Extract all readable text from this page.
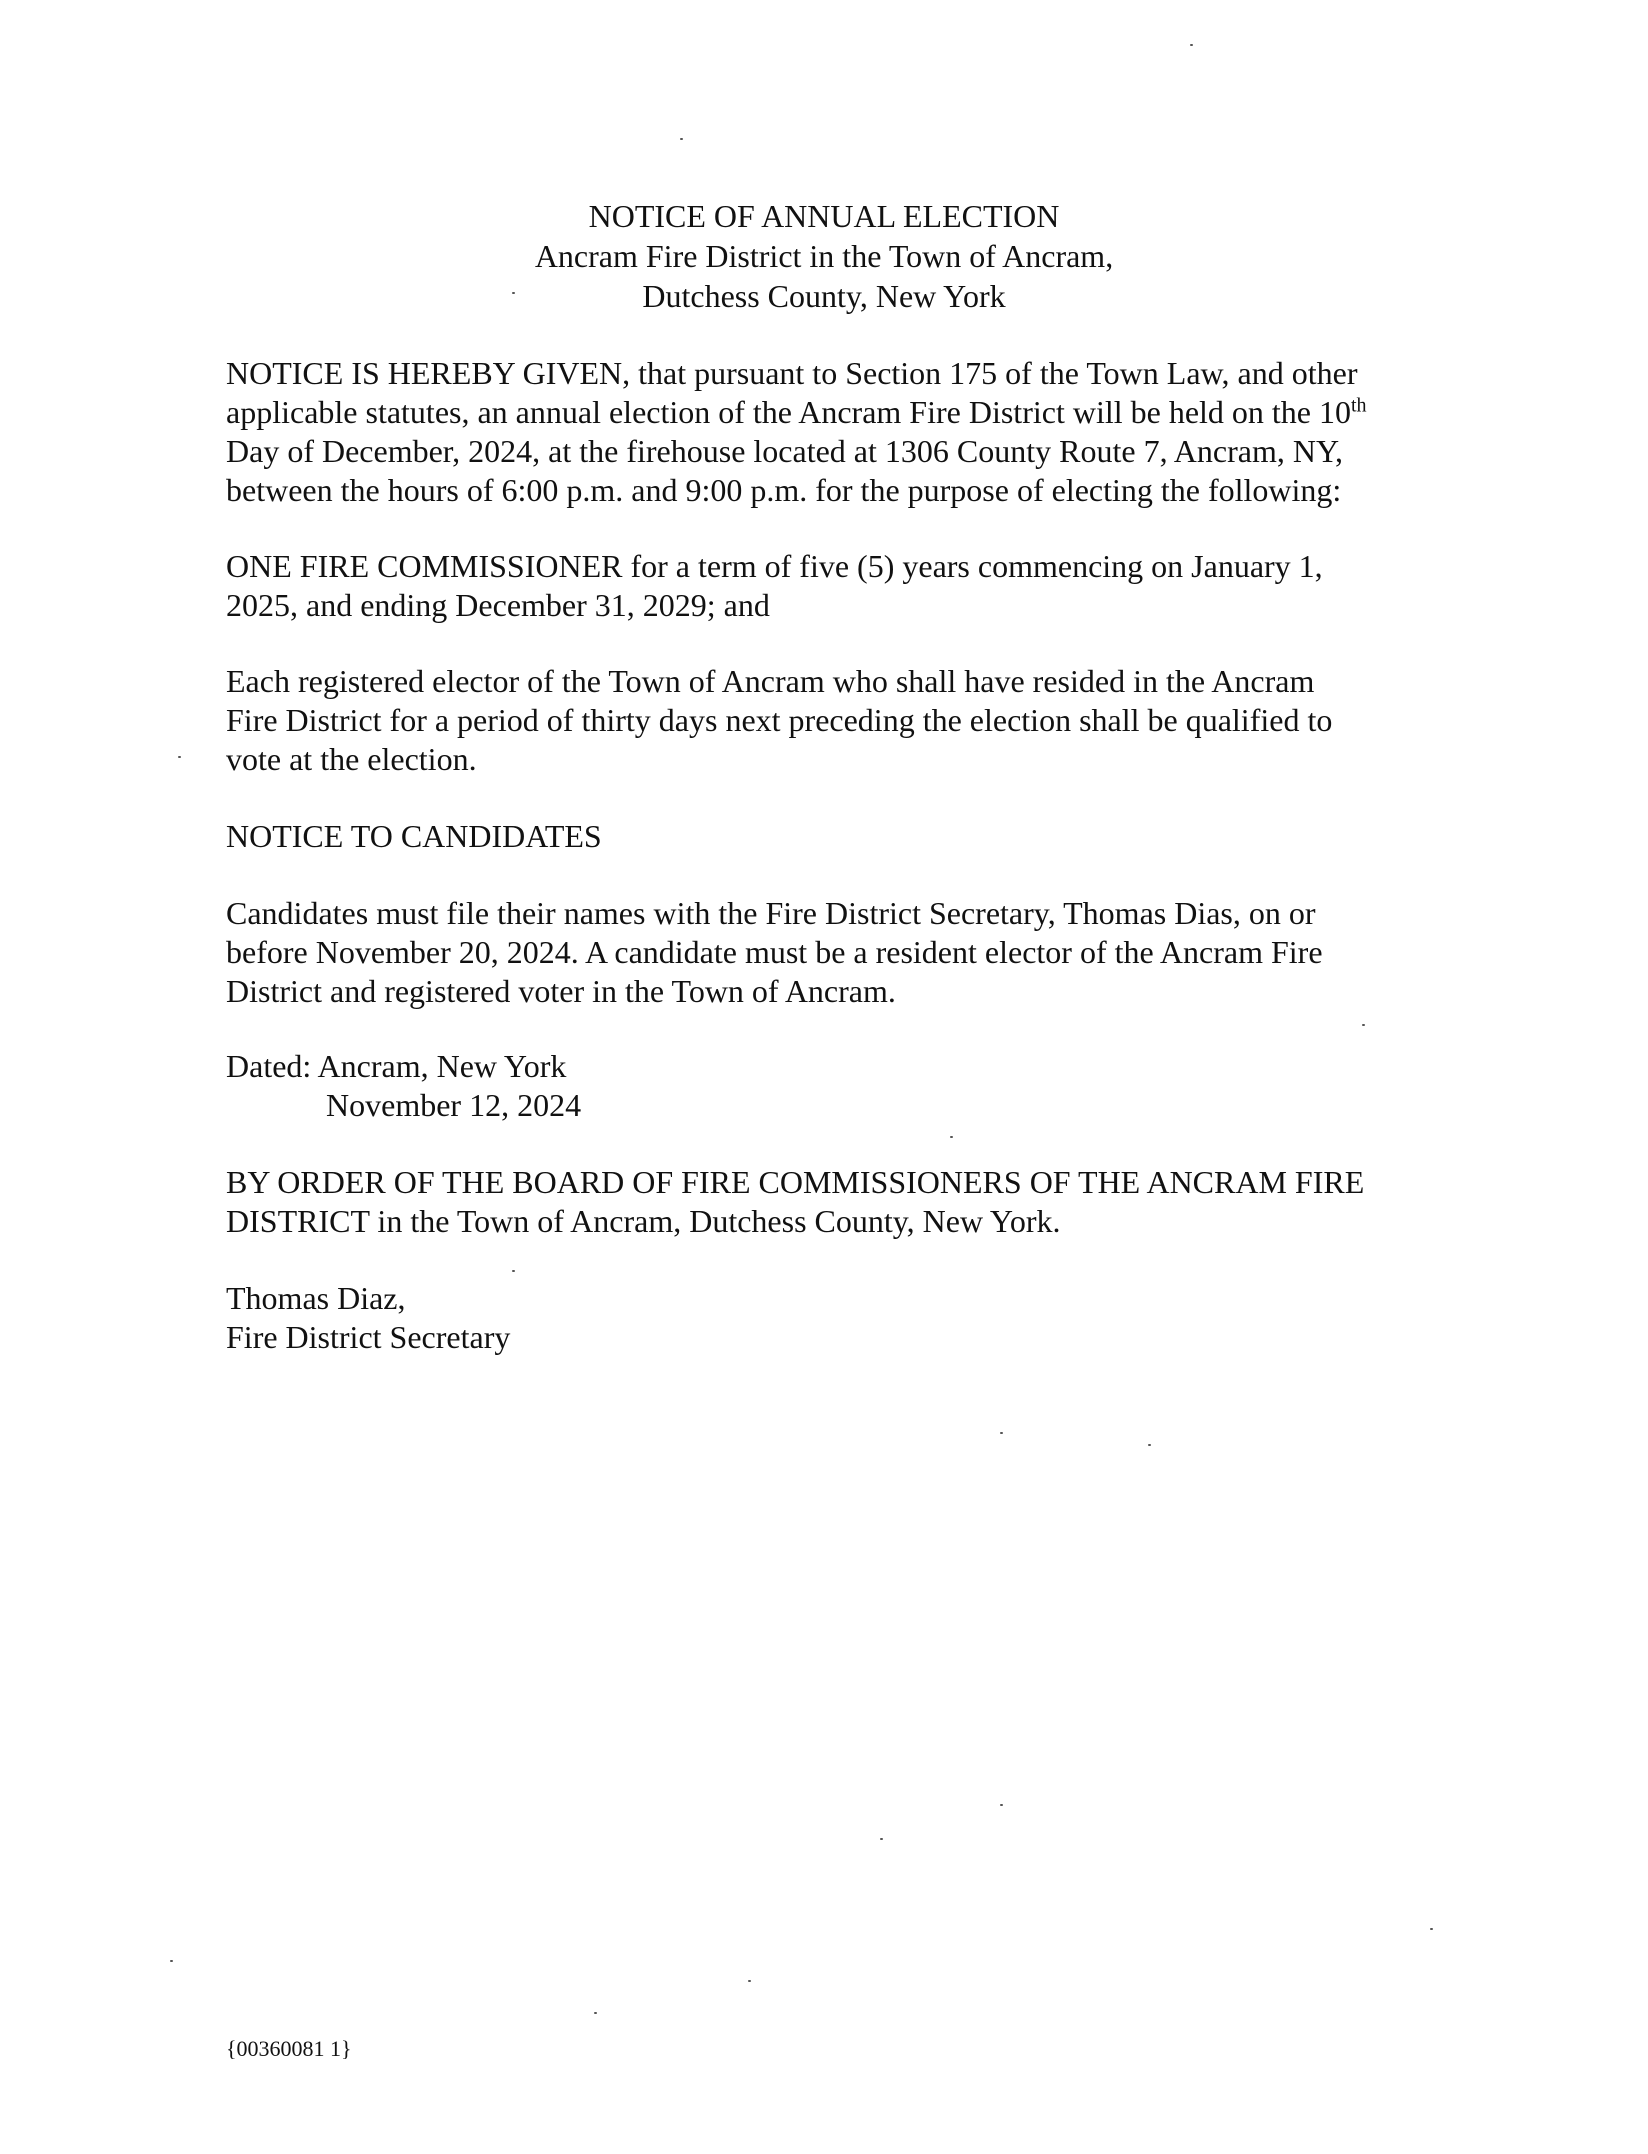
NOTICE OF ANNUAL ELECTION
Ancram Fire District in the Town of Ancram,
Dutchess County, New York
NOTICE IS HEREBY GIVEN, that pursuant to Section 175 of the Town Law, and other
applicable statutes, an annual election of the Ancram Fire District will be held on the 10th
Day of December, 2024, at the firehouse located at 1306 County Route 7, Ancram, NY,
between the hours of 6:00 p.m. and 9:00 p.m. for the purpose of electing the following:
ONE FIRE COMMISSIONER for a term of five (5) years commencing on January 1,
2025, and ending December 31, 2029; and
Each registered elector of the Town of Ancram who shall have resided in the Ancram
Fire District for a period of thirty days next preceding the election shall be qualified to
vote at the election.
NOTICE TO CANDIDATES
Candidates must file their names with the Fire District Secretary, Thomas Dias, on or
before November 20, 2024. A candidate must be a resident elector of the Ancram Fire
District and registered voter in the Town of Ancram.
Dated: Ancram, New York
November 12, 2024
BY ORDER OF THE BOARD OF FIRE COMMISSIONERS OF THE ANCRAM FIRE
DISTRICT in the Town of Ancram, Dutchess County, New York.
Thomas Diaz,
Fire District Secretary
{00360081 1}
